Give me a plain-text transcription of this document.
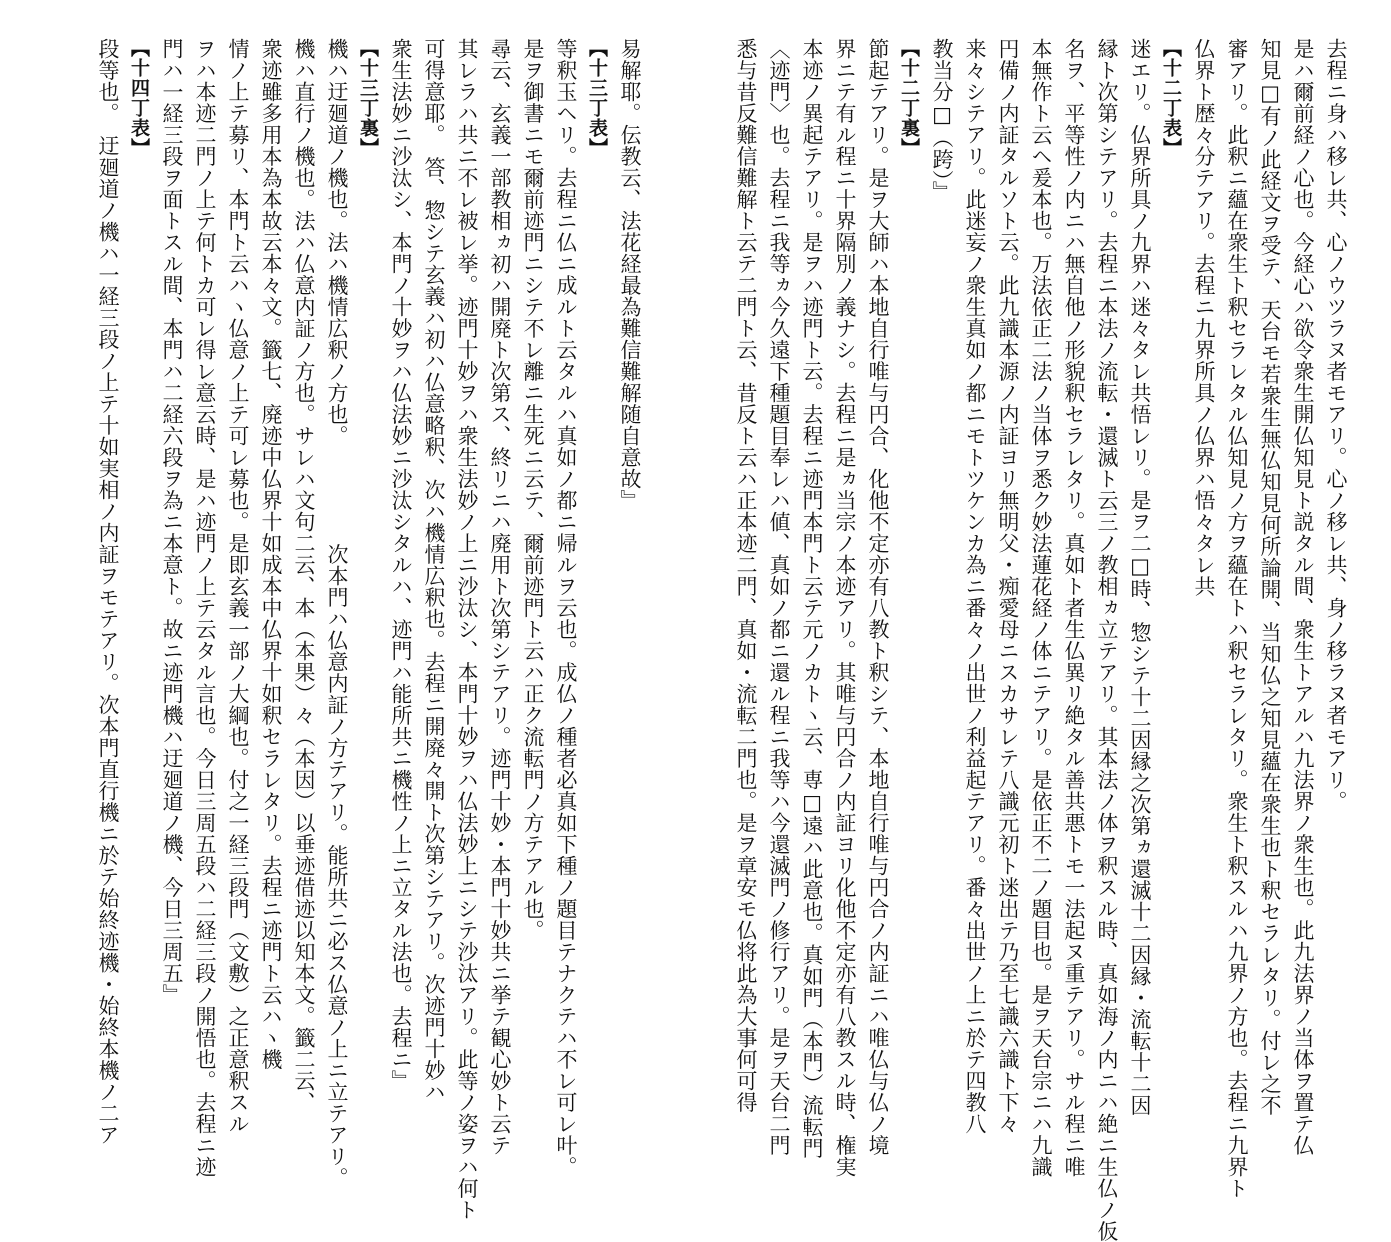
去程ニ身ハ移レ共、心ノウツラヌ者モアリ。心ノ移レ共、身ノ移ラヌ者モアリ。

是ハ爾前経ノ心也。今経心ハ欲令衆生開仏知見ト説タル間、衆生トアルハ九法界ノ衆生也。此九法界ノ当体ヲ置テ仏

知見□有ノ此経文ヲ受テ、天台モ若衆生無仏知見何所論開、当知仏之知見蘊在衆生也ト釈セラレタリ。付レ之不

審アリ。此釈ニ蘊在衆生ト釈セラレタル仏知見ノ方ヲ蘊在トハ釈セラレタリ。衆生ト釈スルハ九界ノ方也。去程ニ九界ト

仏界ト歴々分テアリ。去程ニ九界所具ノ仏界ハ悟々タレ共

【十二丁表】

迷エリ。仏界所具ノ九界ハ迷々タレ共悟レリ。是ヲ二□時、惣シテ十二因縁之次第ヵ還滅十二因縁・流転十二因

縁ト次第シテアリ。去程ニ本法ノ流転・還滅ト云三ノ教相ヵ立テアリ。其本法ノ体ヲ釈スル時、真如海ノ内ニハ絶ニ生仏ノ仮

名ヲ、平等性ノ内ニハ無自他ノ形貌釈セラレタリ。真如ト者生仏異リ絶タル善共悪トモ一法起ヌ重テアリ。サル程ニ唯

本無作ト云ヘ爰本也。万法依正二法ノ当体ヲ悉ク妙法蓮花経ノ体ニテアリ。是依正不二ノ題目也。是ヲ天台宗ニハ九識

円備ノ内証タルソト云。此九識本源ノ内証ヨリ無明父・痴愛母ニスカサレテ八識元初ト迷出テ乃至七識六識ト下々

来々シテアリ。此迷妄ノ衆生真如ノ都ニモトツケンカ為ニ番々ノ出世ノ利益起テアリ。番々出世ノ上ニ於テ四教八

教当分□（跨）』

【十二丁裏】

節起テアリ。是ヲ大師ハ本地自行唯与円合、化他不定亦有八教ト釈シテ、本地自行唯与円合ノ内証ニハ唯仏与仏ノ境

界ニテ有ル程ニ十界隔別ノ義ナシ。去程ニ是ヵ当宗ノ本迹アリ。其唯与円合ノ内証ヨリ化他不定亦有八教スル時、権実

本迹ノ異起テアリ。是ヲハ迹門ト云。去程ニ迹門本門ト云テ元ノカトヽ云、専□遠ハ此意也。真如門（本門）流転門

〈迹門〉也。去程ニ我等ヵ今久遠下種題目奉レハ値、真如ノ都ニ還ル程ニ我等ハ今還滅門ノ修行アリ。是ヲ天台二門

悉与昔反難信難解ト云テ二門ト云、昔反ト云ハ正本迹二門、真如・流転二門也。是ヲ章安モ仏将此為大事何可得

易解耶。伝教云、法花経最為難信難解随自意故』

【十三丁表】

等釈玉ヘリ。去程ニ仏ニ成ルト云タルハ真如ノ都ニ帰ルヲ云也。成仏ノ種者必真如下種ノ題目テナクテハ不レ可レ叶。

是ヲ御書ニモ爾前迹門ニシテ不レ離ニ生死ニ云テ、爾前迹門ト云ハ正ク流転門ノ方テアル也。

尋云、玄義一部教相ヵ初ハ開廃ト次第ス、終リニハ廃用ト次第シテアリ。迹門十妙・本門十妙共ニ挙テ観心妙ト云テ

其レラハ共ニ不レ被レ挙。迹門十妙ヲハ衆生法妙ノ上ニ沙汰シ、本門十妙ヲハ仏法妙上ニシテ沙汰アリ。此等ノ姿ヲハ何ト

可得意耶。　答、惣シテ玄義ハ初ハ仏意略釈、次ハ機情広釈也。去程ニ開廃々開ト次第シテアリ。次迹門十妙ハ

衆生法妙ニ沙汰シ、本門ノ十妙ヲハ仏法妙ニ沙汰シタルハ、迹門ハ能所共ニ機性ノ上ニ立タル法也。去程ニ』

【十三丁裏】

機ハ迂廻道ノ機也。法ハ機情広釈ノ方也。　　　　　次本門ハ仏意内証ノ方テアリ。能所共ニ必ス仏意ノ上ニ立テアリ。

機ハ直行ノ機也。法ハ仏意内証ノ方也。サレハ文句二云、本（本果）々（本因）以垂迹借迹以知本文。籤二云、

衆迹雖多用本為本故云本々文。籤七、廃迹中仏界十如成本中仏界十如釈セラレタリ。去程ニ迹門ト云ハヽ機

情ノ上テ募リ、本門ト云ハヽ仏意ノ上テ可レ募也。是即玄義一部ノ大綱也。付之一経三段門（文敷）之正意釈スル

ヲハ本迹二門ノ上テ何トカ可レ得レ意云時、是ハ迹門ノ上テ云タル言也。今日三周五段ハ二経三段ノ開悟也。去程ニ迹

門ハ一経三段ヲ面トスル間、本門ハ二経六段ヲ為ニ本意ト。故ニ迹門機ハ迂廻道ノ機、今日三周五』

【十四丁表】

段等也。　迂廻道ノ機ハ一経三段ノ上テ十如実相ノ内証ヲモテアリ。次本門直行機ニ於テ始終迹機・始終本機ノ二ア
